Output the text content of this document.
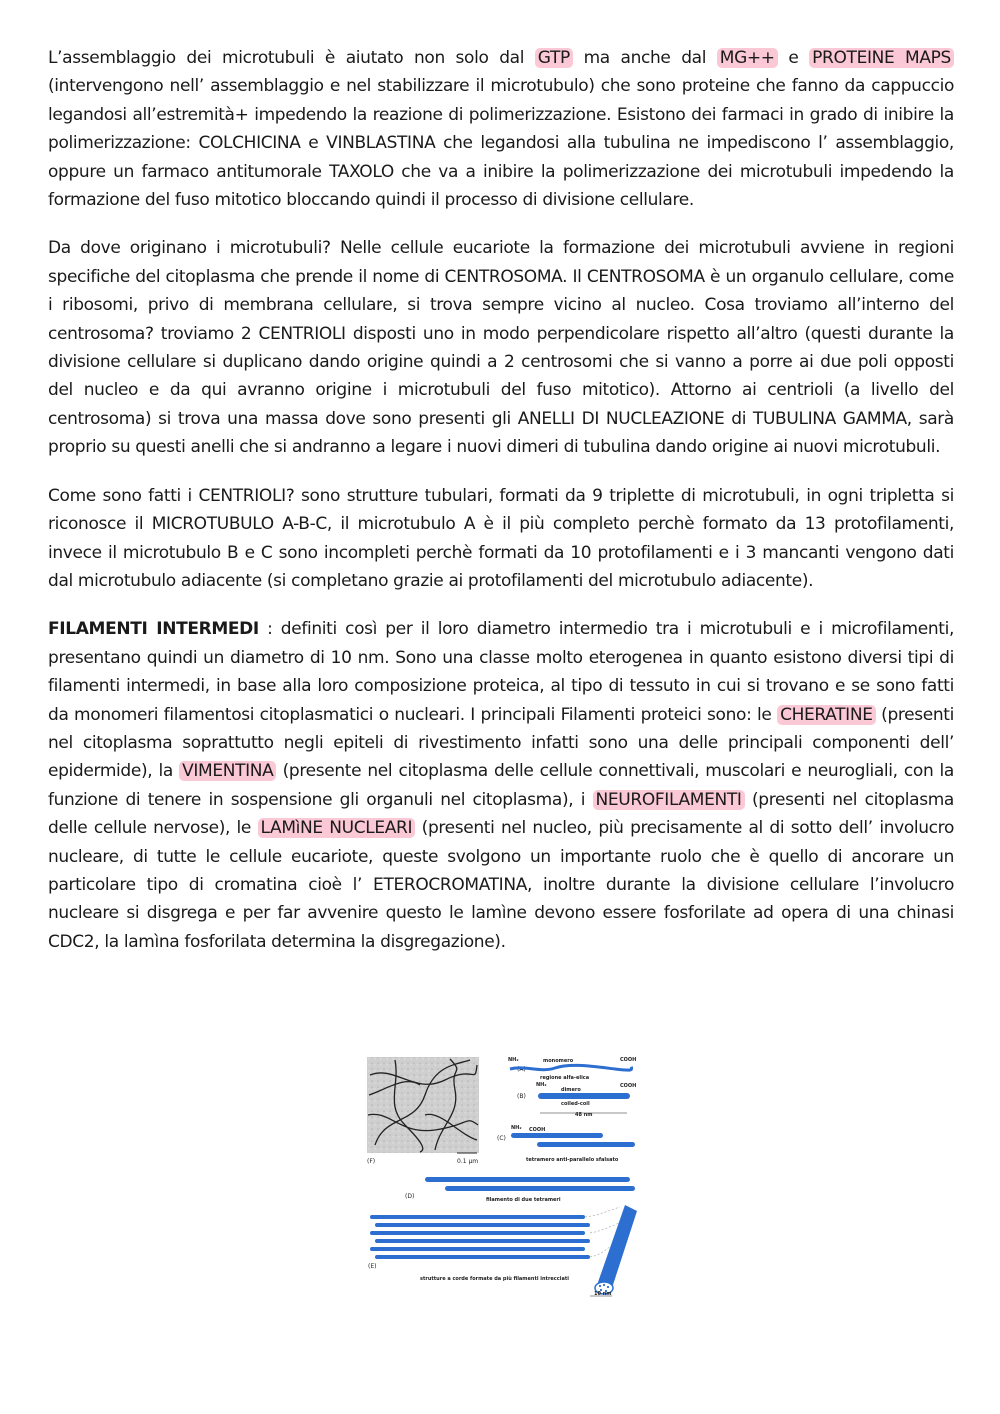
L’assemblaggio dei microtubuli è aiutato non solo dal GTP ma anche dal MG++ e PROTEINE MAPS (intervengono nell’ assemblaggio e nel stabilizzare il microtubulo) che sono proteine che fanno da cappuccio legandosi all’estremità+ impedendo la reazione di polimerizzazione. Esistono dei farmaci in grado di inibire la polimerizzazione: COLCHICINA e VINBLASTINA che legandosi alla tubulina ne impediscono l’ assemblaggio, oppure un farmaco antitumorale TAXOLO che va a inibire la polimerizzazione dei microtubuli impedendo la formazione del fuso mitotico bloccando quindi il processo di divisione cellulare.

Da dove originano i microtubuli? Nelle cellule eucariote la formazione dei microtubuli avviene in regioni specifiche del citoplasma che prende il nome di CENTROSOMA. Il CENTROSOMA è un organulo cellulare, come i ribosomi, privo di membrana cellulare, si trova sempre vicino al nucleo. Cosa troviamo all’interno del centrosoma? troviamo 2 CENTRIOLI disposti uno in modo perpendicolare rispetto all’altro (questi durante la divisione cellulare si duplicano dando origine quindi a 2 centrosomi che si vanno a porre ai due poli opposti del nucleo e da qui avranno origine i microtubuli del fuso mitotico). Attorno ai centrioli (a livello del centrosoma) si trova una massa dove sono presenti gli ANELLI DI NUCLEAZIONE di TUBULINA GAMMA, sarà proprio su questi anelli che si andranno a legare i nuovi dimeri di tubulina dando origine ai nuovi microtubuli.

Come sono fatti i CENTRIOLI? sono strutture tubulari, formati da 9 triplette di microtubuli, in ogni tripletta si riconosce il MICROTUBULO A-B-C, il microtubulo A è il più completo perchè formato da 13 protofilamenti, invece il microtubulo B e C sono incompleti perchè formati da 10 protofilamenti e i 3 mancanti vengono dati dal microtubulo adiacente (si completano grazie ai protofilamenti del microtubulo adiacente).

FILAMENTI INTERMEDI : definiti così per il loro diametro intermedio tra i microtubuli e i microfilamenti, presentano quindi un diametro di 10 nm. Sono una classe molto eterogenea in quanto esistono diversi tipi di filamenti intermedi, in base alla loro composizione proteica, al tipo di tessuto in cui si trovano e se sono fatti da monomeri filamentosi citoplasmatici o nucleari. I principali Filamenti proteici sono: le CHERATINE (presenti nel citoplasma soprattutto negli epiteli di rivestimento infatti sono una delle principali componenti dell’ epidermide), la VIMENTINA (presente nel citoplasma delle cellule connettivali, muscolari e neurogliali, con la funzione di tenere in sospensione gli organuli nel citoplasma), i NEUROFILAMENTI (presenti nel citoplasma delle cellule nervose), le LAMìNE NUCLEARI (presenti nel nucleo, più precisamente al di sotto dell’ involucro nucleare, di tutte le cellule eucariote, queste svolgono un importante ruolo che è quello di ancorare un particolare tipo di cromatina cioè l’ ETEROCROMATINA, inoltre durante la divisione cellulare l’involucro nucleare si disgrega e per far avvenire questo le lamìne devono essere fosforilate ad opera di una chinasi CDC2, la lamìna fosforilata determina la disgregazione).

(F)	0.1 µm
(A)
NH₂	monomero	COOH
regione alfa-elica
(B)
NH₂	COOH
dimero
coiled-coil
48 nm
(C)
NH₂ COOH
tetramero anti-parallelo sfalsato
(D)	filamento di due tetrameri
(E)
strutture a corde formate da più filamenti intrecciati
10 nm
